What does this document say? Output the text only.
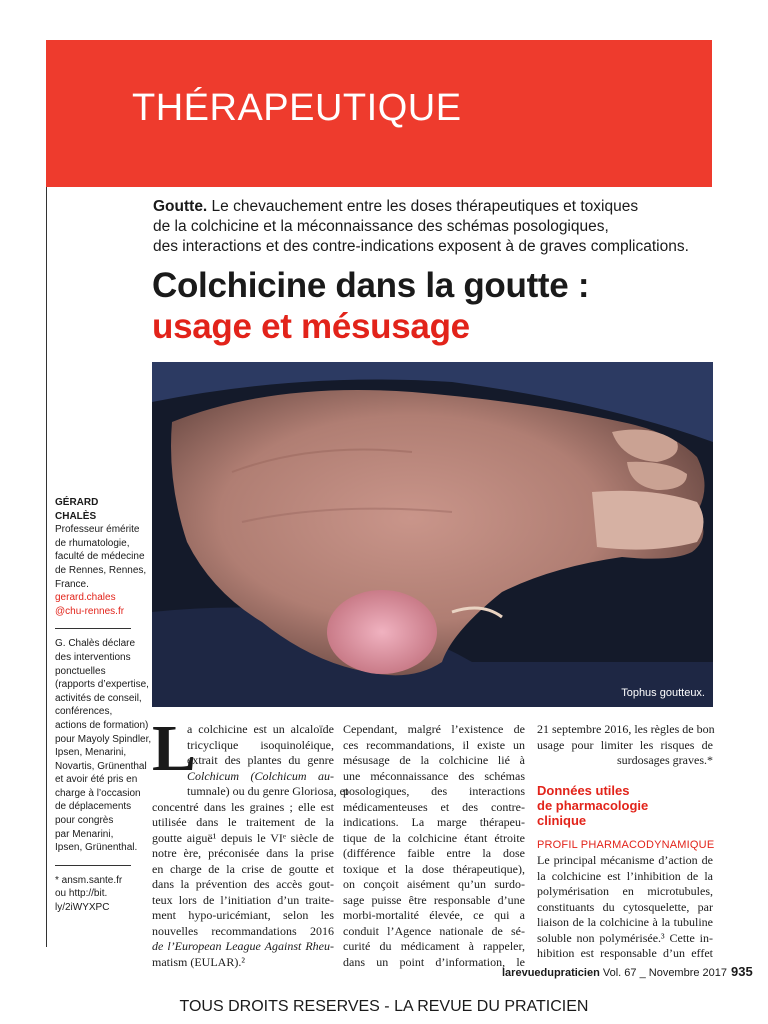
THÉRAPEUTIQUE
Goutte. Le chevauchement entre les doses thérapeutiques et toxiques
de la colchicine et la méconnaissance des schémas posologiques,
des interactions et des contre-indications exposent à de graves complications.
Colchicine dans la goutte :
usage et mésusage
Tophus goutteux.
GÉRARD CHALÈS
Professeur émérite
de rhumatologie,
faculté de médecine
de Rennes, Rennes,
France.
gerard.chales
@chu-rennes.fr
G. Chalès déclare
des interventions
ponctuelles
(rapports d’expertise,
activités de conseil,
conférences,
actions de formation)
pour Mayoly Spindler,
Ipsen, Menarini,
Novartis, Grünenthal
et avoir été pris en
charge à l’occasion
de déplacements
pour congrès
par Menarini,
Ipsen, Grünenthal.
* ansm.sante.fr
ou http://bit.
ly/2iWYXPC
L
a colchicine est un alcaloïde
tricyclique isoquinoléique,
extrait des plantes du genre
Colchicum (Colchicum au-
tumnale) ou du genre Gloriosa, et
concentré dans les graines ; elle est
utilisée dans le traitement de la
goutte aiguë¹ depuis le VIᵉ siècle de
notre ère, préconisée dans la prise
en charge de la crise de goutte et
dans la prévention des accès gout-
teux lors de l’initiation d’un traite-
ment hypo-uricémiant, selon les
nouvelles recommandations 2016
de l’European League Against Rheu-
matism (EULAR).²
Cependant, malgré l’existence de
ces recommandations, il existe un
mésusage de la colchicine lié à
une méconnaissance des schémas
posologiques, des interactions
médicamenteuses et des contre-
indications. La marge thérapeu-
tique de la colchicine étant étroite
(différence faible entre la dose
toxique et la dose thérapeutique),
on conçoit aisément qu’un surdo-
sage puisse être responsable d’une
morbi-mortalité élevée, ce qui a
conduit l’Agence nationale de sé-
curité du médicament à rappeler,
dans un point d’information, le
21 septembre 2016, les règles de bon
usage pour limiter les risques de
surdosages graves.*
Données utiles
de pharmacologie
clinique
PROFIL PHARMACODYNAMIQUE
Le principal mécanisme d’action de
la colchicine est l’inhibition de la
polymérisation en microtubules,
constituants du cytosquelette, par
liaison de la colchicine à la tubuline
soluble non polymérisée.³ Cette in-
hibition est responsable d’un effet
larevuedupraticien Vol. 67 _ Novembre 2017 935
TOUS DROITS RESERVES - LA REVUE DU PRATICIEN
